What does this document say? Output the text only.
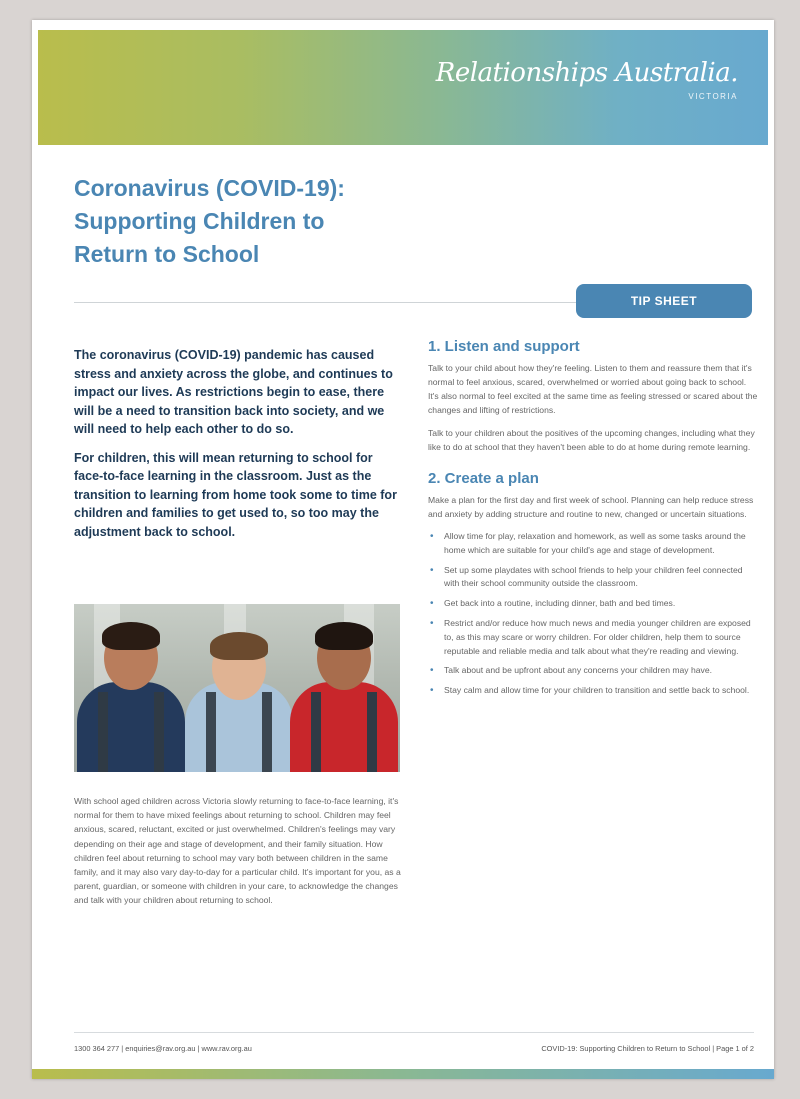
Relationships Australia.
VICTORIA
Coronavirus (COVID-19):
Supporting Children to
Return to School
TIP SHEET

The coronavirus (COVID-19) pandemic has caused stress and anxiety across the globe, and continues to impact our lives. As restrictions begin to ease, there will be a need to transition back into society, and we will need to help each other to do so.

For children, this will mean returning to school for face-to-face learning in the classroom. Just as the transition to learning from home took some to time for children and families to get used to, so too may the adjustment back to school.

With school aged children across Victoria slowly returning to face-to-face learning, it's normal for them to have mixed feelings about returning to school. Children may feel anxious, scared, reluctant, excited or just overwhelmed. Children's feelings may vary depending on their age and stage of development, and their family situation. How children feel about returning to school may vary both between children in the same family, and it may also vary day-to-day for a particular child. It's important for you, as a parent, guardian, or someone with children in your care, to acknowledge the changes and talk with your children about returning to school.
1. Listen and support

Talk to your child about how they're feeling. Listen to them and reassure them that it's normal to feel anxious, scared, overwhelmed or worried about going back to school. It's also normal to feel excited at the same time as feeling stressed or scared about the changes and lifting of restrictions.

Talk to your children about the positives of the upcoming changes, including what they like to do at school that they haven't been able to do at home during remote learning.

2. Create a plan

Make a plan for the first day and first week of school. Planning can help reduce stress and anxiety by adding structure and routine to new, changed or uncertain situations.

• Allow time for play, relaxation and homework, as well as some tasks around the home which are suitable for your child's age and stage of development.
• Set up some playdates with school friends to help your children feel connected with their school community outside the classroom.
• Get back into a routine, including dinner, bath and bed times.
• Restrict and/or reduce how much news and media younger children are exposed to, as this may scare or worry children. For older children, help them to source reputable and reliable media and talk about what they're reading and viewing.
• Talk about and be upfront about any concerns your children may have.
• Stay calm and allow time for your children to transition and settle back to school.
1300 364 277 | enquiries@rav.org.au | www.rav.org.au	COVID-19: Supporting Children to Return to School | Page 1 of 2
